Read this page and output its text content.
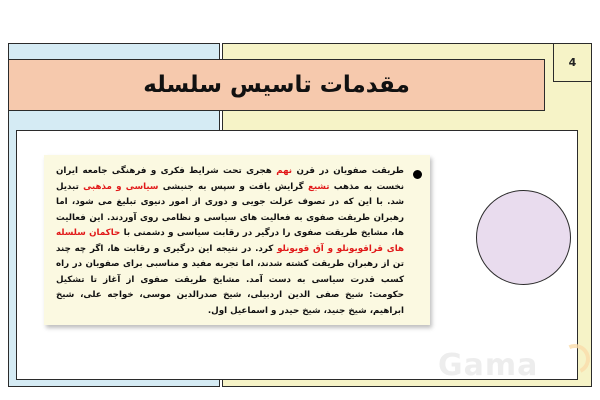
4
مقدمات تاسیس سلسله
طریقت صفویان در قرن نهم هجری تحت شرایط فکری و فرهنگی جامعه ایران نخست به مذهب تشیع گرایش یافت و سپس به جنبشی سیاسی و مذهبی تبدیل شد. با این که در تصوف عزلت جویی و دوری از امور دنیوی تبلیغ می شود، اما رهبران طریقت صفوی به فعالیت های سیاسی و نظامی روی آوردند. این فعالیت ها، مشایخ طریقت صفوی را درگیر در رقابت سیاسی و دشمنی با حاکمان سلسله های قراقویونلو و آق قویونلو کرد. در نتیجه این درگیری و رقابت ها، اگر چه چند تن از رهبران طریقت کشته شدند، اما تجربه مفید و مناسبی برای صفویان در راه کسب قدرت سیاسی به دست آمد. مشایخ طریقت صفوی از آغاز تا تشکیل حکومت: شیخ صفی الدین اردبیلی، شیخ صدرالدین موسی، خواجه علی، شیخ ابراهیم، شیخ جنید، شیخ حیدر و اسماعیل اول.
Gama
